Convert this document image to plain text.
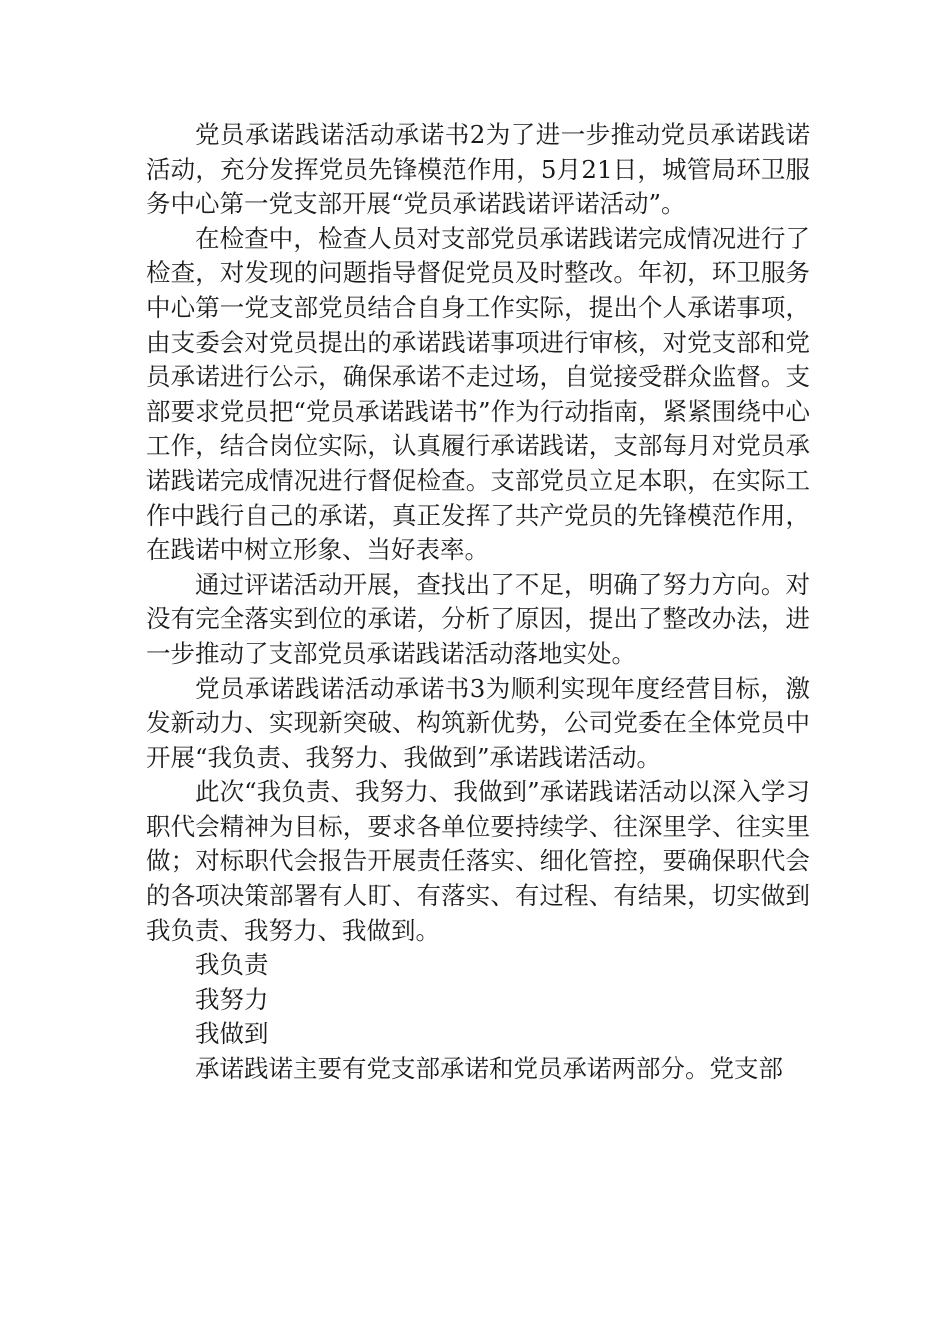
党员承诺践诺活动承诺书2为了进一步推动党员承诺践诺活动，充分发挥党员先锋模范作用，5月21日，城管局环卫服务中心第一党支部开展“党员承诺践诺评诺活动”。

在检查中，检查人员对支部党员承诺践诺完成情况进行了检查，对发现的问题指导督促党员及时整改。年初，环卫服务中心第一党支部党员结合自身工作实际，提出个人承诺事项，由支委会对党员提出的承诺践诺事项进行审核，对党支部和党员承诺进行公示，确保承诺不走过场，自觉接受群众监督。支部要求党员把“党员承诺践诺书”作为行动指南，紧紧围绕中心工作，结合岗位实际，认真履行承诺践诺，支部每月对党员承诺践诺完成情况进行督促检查。支部党员立足本职，在实际工作中践行自己的承诺，真正发挥了共产党员的先锋模范作用，在践诺中树立形象、当好表率。

通过评诺活动开展，查找出了不足，明确了努力方向。对没有完全落实到位的承诺，分析了原因，提出了整改办法，进一步推动了支部党员承诺践诺活动落地实处。

党员承诺践诺活动承诺书3为顺利实现年度经营目标，激发新动力、实现新突破、构筑新优势，公司党委在全体党员中开展“我负责、我努力、我做到”承诺践诺活动。

此次“我负责、我努力、我做到”承诺践诺活动以深入学习职代会精神为目标，要求各单位要持续学、往深里学、往实里做；对标职代会报告开展责任落实、细化管控，要确保职代会的各项决策部署有人盯、有落实、有过程、有结果，切实做到我负责、我努力、我做到。

我负责

我努力

我做到

承诺践诺主要有党支部承诺和党员承诺两部分。党支部
